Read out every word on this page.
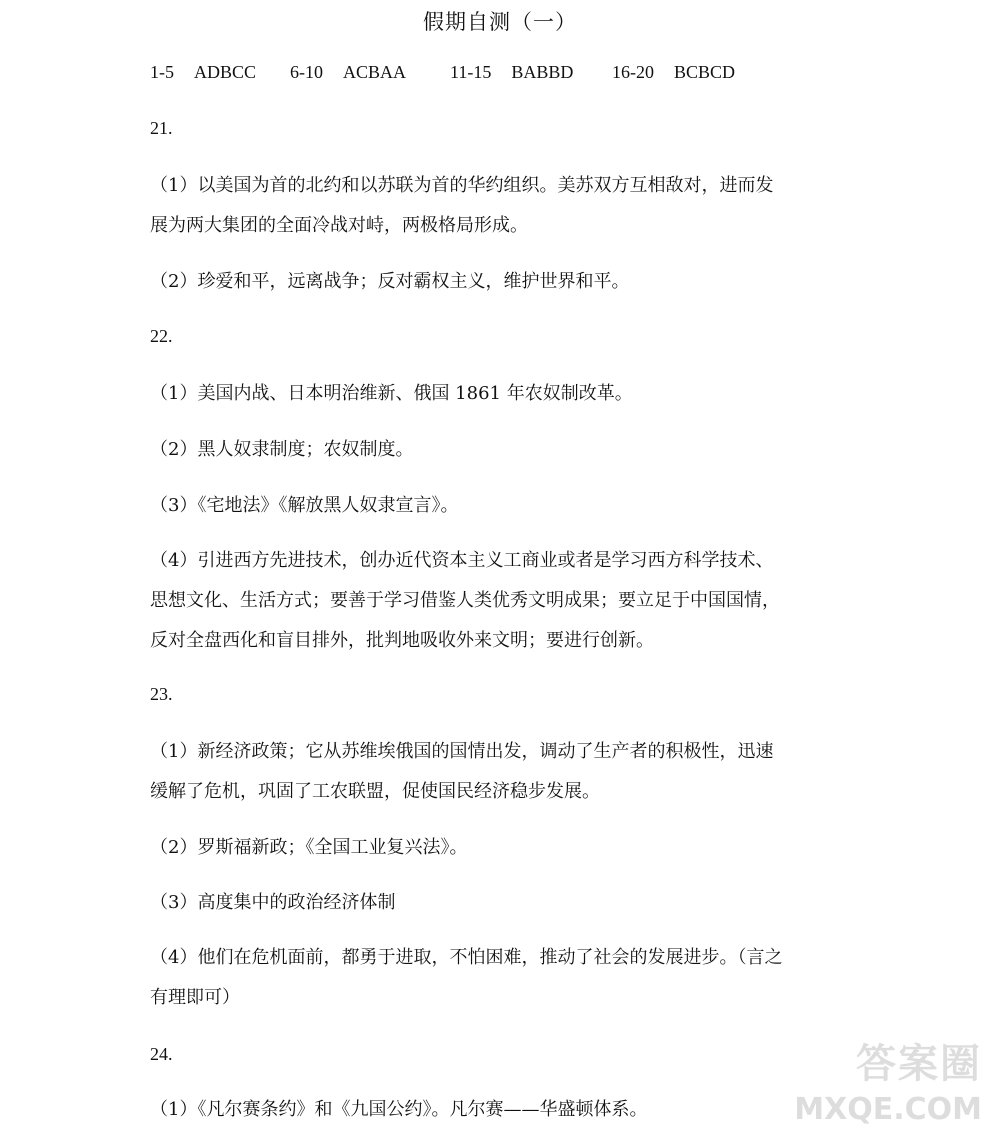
假期自测（一）
1-5 ADBCC 6-10 ACBAA 11-15 BABBD 16-20 BCBCD
21.
（1）以美国为首的北约和以苏联为首的华约组织。美苏双方互相敌对，进而发
展为两大集团的全面冷战对峙，两极格局形成。
（2）珍爱和平，远离战争；反对霸权主义，维护世界和平。
22.
（1）美国内战、日本明治维新、俄国 1861 年农奴制改革。
（2）黑人奴隶制度；农奴制度。
（3）《宅地法》《解放黑人奴隶宣言》。
（4）引进西方先进技术，创办近代资本主义工商业或者是学习西方科学技术、
思想文化、生活方式；要善于学习借鉴人类优秀文明成果；要立足于中国国情，
反对全盘西化和盲目排外，批判地吸收外来文明；要进行创新。
23.
（1）新经济政策；它从苏维埃俄国的国情出发，调动了生产者的积极性，迅速
缓解了危机，巩固了工农联盟，促使国民经济稳步发展。
（2）罗斯福新政；《全国工业复兴法》。
（3）高度集中的政治经济体制
（4）他们在危机面前，都勇于进取，不怕困难，推动了社会的发展进步。（言之
有理即可）
24.
（1）《凡尔赛条约》和《九国公约》。凡尔赛——华盛顿体系。
答案圈
MXQE.COM
